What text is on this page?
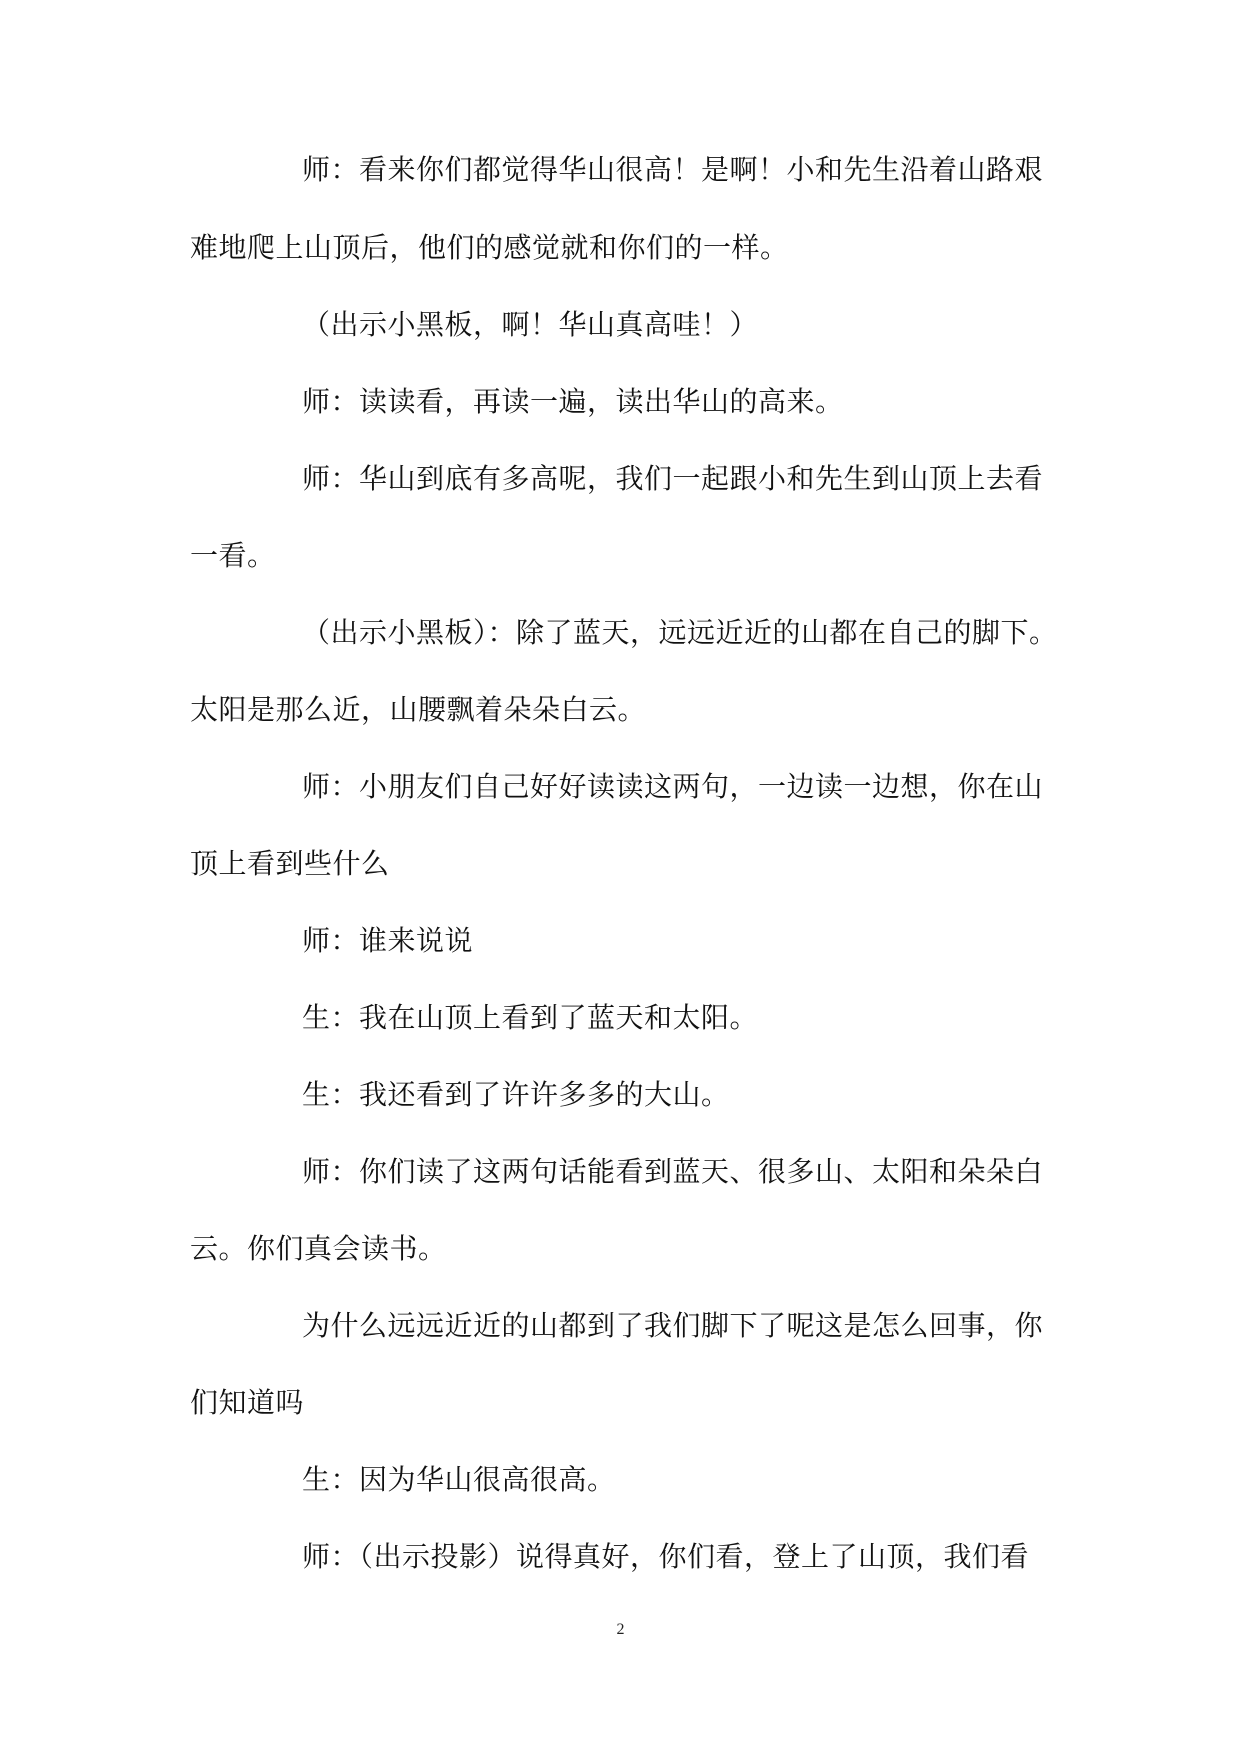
师：看来你们都觉得华山很高！是啊！小和先生沿着山路艰
难地爬上山顶后，他们的感觉就和你们的一样。
（出示小黑板，啊！华山真高哇！）
师：读读看，再读一遍，读出华山的高来。
师：华山到底有多高呢，我们一起跟小和先生到山顶上去看
一看。
（出示小黑板）：除了蓝天，远远近近的山都在自己的脚下。
太阳是那么近，山腰飘着朵朵白云。
师：小朋友们自己好好读读这两句，一边读一边想，你在山
顶上看到些什么
师：谁来说说
生：我在山顶上看到了蓝天和太阳。
生：我还看到了许许多多的大山。
师：你们读了这两句话能看到蓝天、很多山、太阳和朵朵白
云。你们真会读书。
为什么远远近近的山都到了我们脚下了呢这是怎么回事，你
们知道吗
生：因为华山很高很高。
师：（出示投影）说得真好，你们看，登上了山顶，我们看
2
